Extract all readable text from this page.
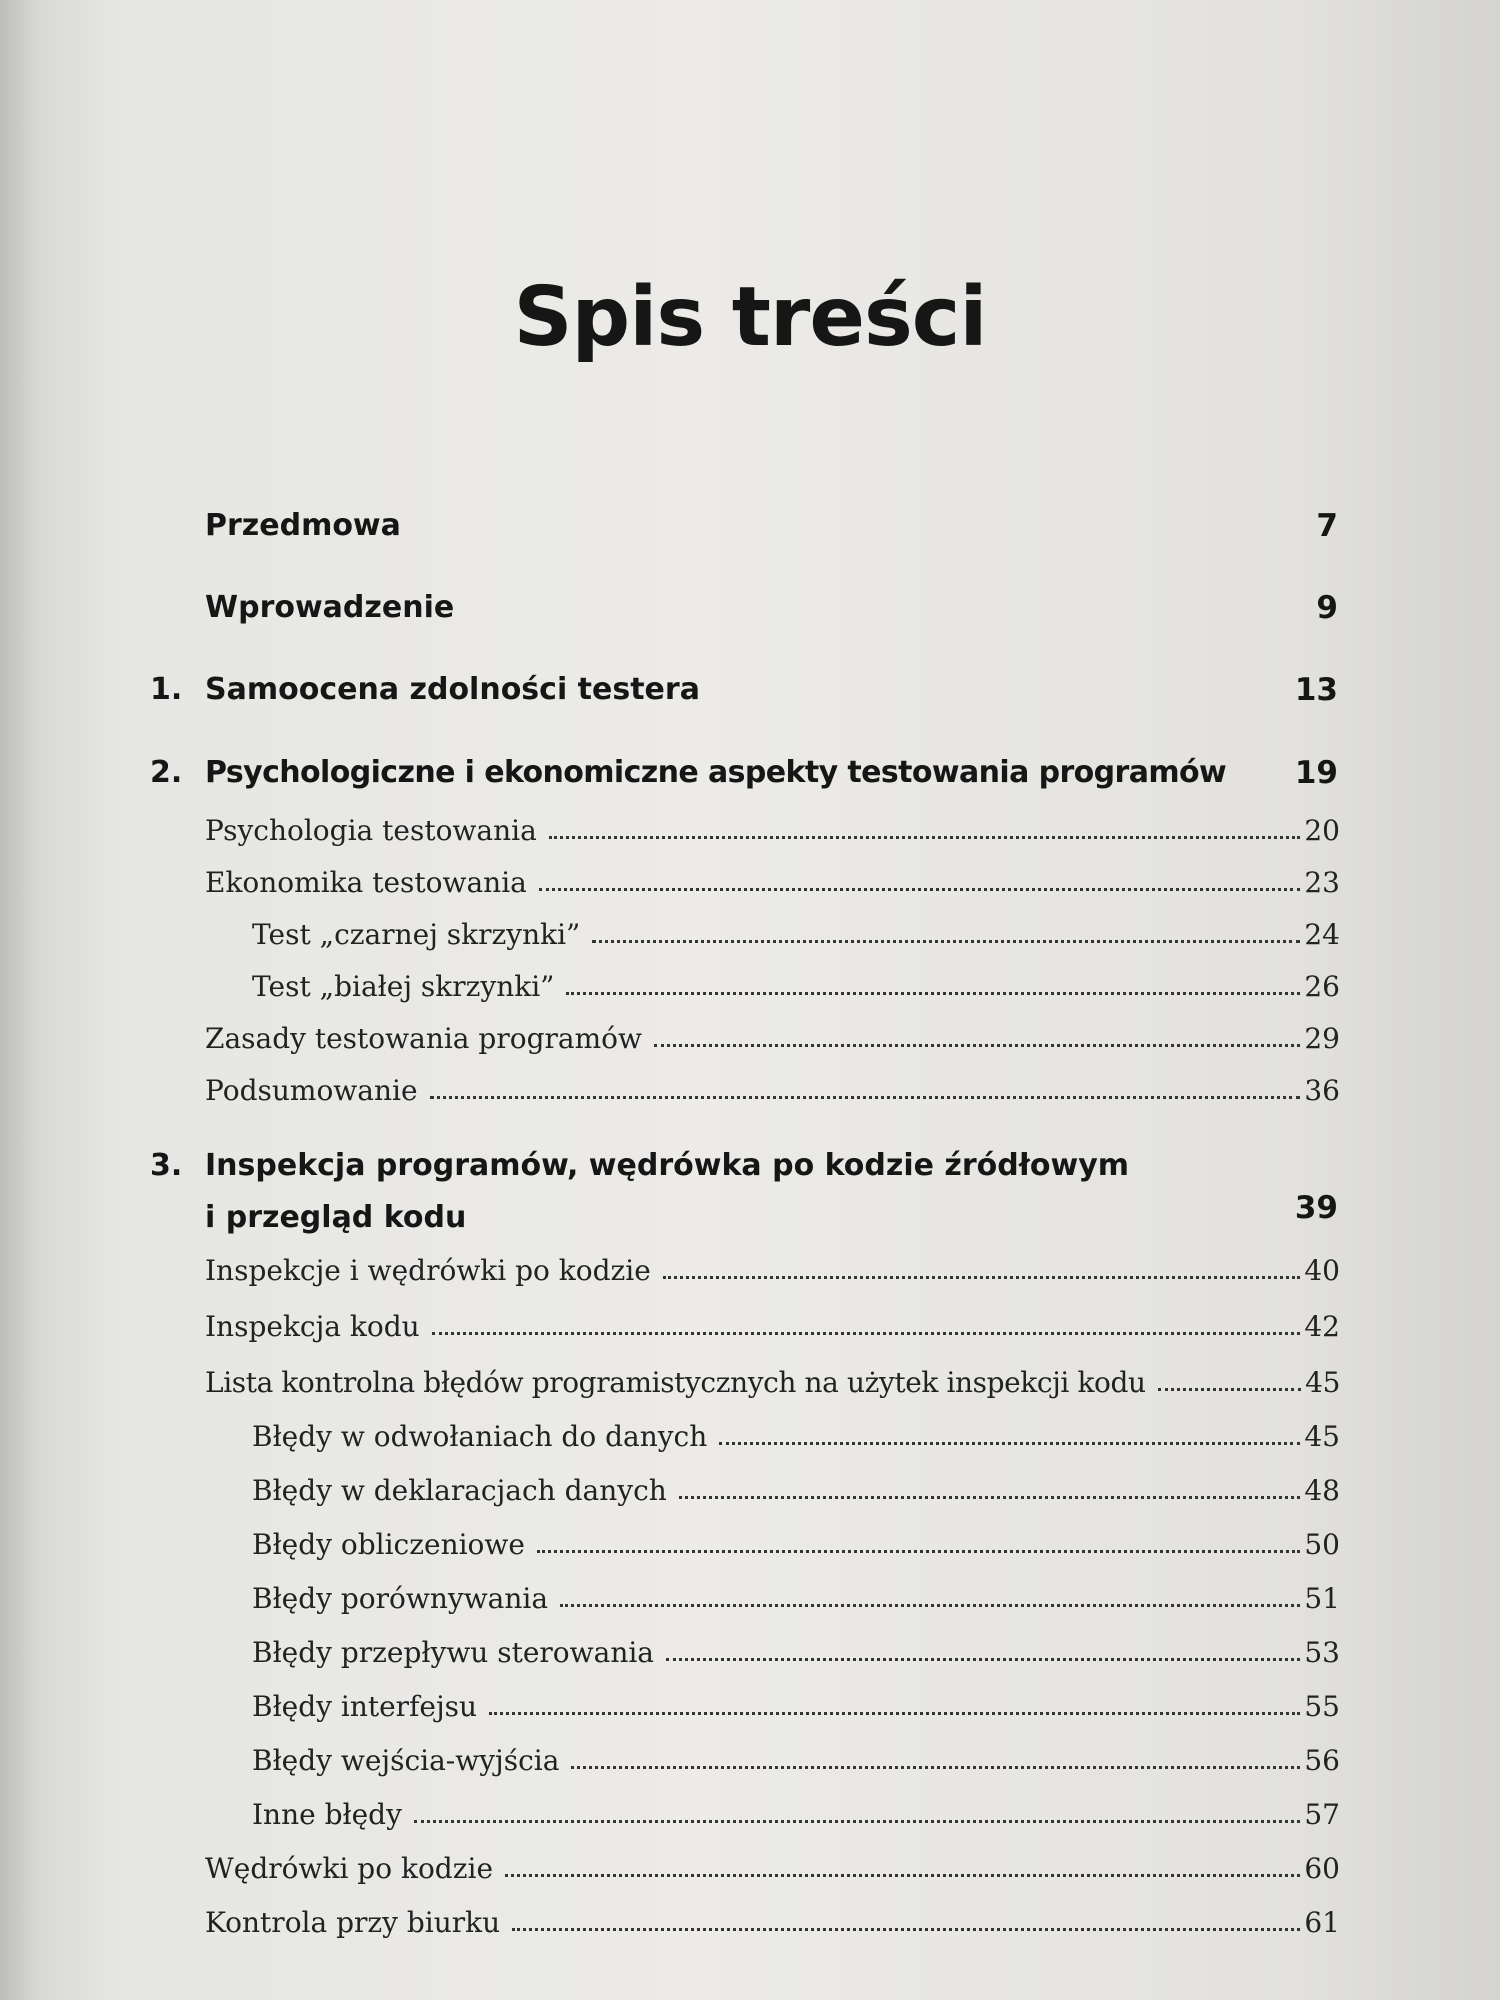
Spis treści
Przedmowa	7
Wprowadzenie	9
1. Samoocena zdolności testera	13
2. Psychologiczne i ekonomiczne aspekty testowania programów	19
Psychologia testowania	20
Ekonomika testowania	23
Test „czarnej skrzynki”	24
Test „białej skrzynki”	26
Zasady testowania programów	29
Podsumowanie	36
3. Inspekcja programów, wędrówka po kodzie źródłowym
i przegląd kodu	39
Inspekcje i wędrówki po kodzie	40
Inspekcja kodu	42
Lista kontrolna błędów programistycznych na użytek inspekcji kodu	45
Błędy w odwołaniach do danych	45
Błędy w deklaracjach danych	48
Błędy obliczeniowe	50
Błędy porównywania	51
Błędy przepływu sterowania	53
Błędy interfejsu	55
Błędy wejścia-wyjścia	56
Inne błędy	57
Wędrówki po kodzie	60
Kontrola przy biurku	61
